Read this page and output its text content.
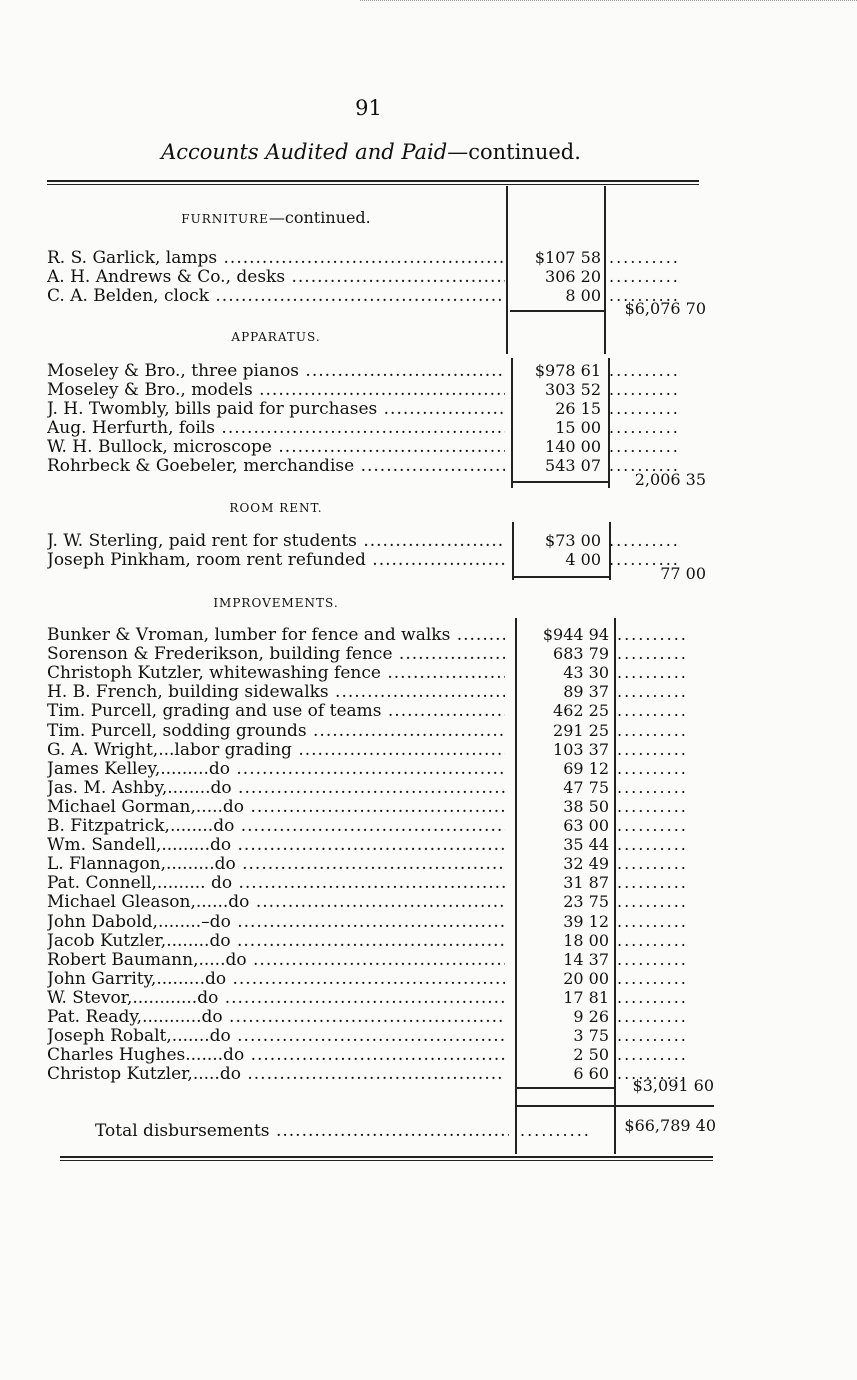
91
Accounts Audited and Paid—continued.
FURNITURE—continued.
R. S. Garlick, lamps .....	$107 58 ..........
A. H. Andrews & Co., desks .....	306 20 ..........
C. A. Belden, clock .....	8 00 ..........
$6,076 70
APPARATUS.
Moseley & Bro., three pianos .....	$978 61 ..........
Moseley & Bro., models .....	303 52 ..........
J. H. Twombly, bills paid for purchases .....	26 15 ..........
Aug. Herfurth, foils .....	15 00 ..........
W. H. Bullock, microscope .....	140 00 ..........
Rohrbeck & Goebeler, merchandise .....	543 07 ..........
2,006 35
ROOM RENT.
J. W. Sterling, paid rent for students .....	$73 00 ..........
Joseph Pinkham, room rent refunded .....	4 00 ..........
77 00
IMPROVEMENTS.
Bunker & Vroman, lumber for fence and walks .....	$944 94 ..........
Sorenson & Frederikson, building fence .....	683 79 ..........
Christoph Kutzler, whitewashing fence .....	43 30 ..........
H. B. French, building sidewalks .....	89 37 ..........
Tim. Purcell, grading and use of teams .....	462 25 ..........
Tim. Purcell, sodding grounds .....	291 25 ..........
G. A. Wright,...labor grading .....	103 37 ..........
James Kelley,.........do .....	69 12 ..........
Jas. M. Ashby,........do .....	47 75 ..........
Michael Gorman,.....do .....	38 50 ..........
B. Fitzpatrick,........do .....	63 00 ..........
Wm. Sandell,.........do .....	35 44 ..........
L. Flannagon,.........do .....	32 49 ..........
Pat. Connell,......... do .....	31 87 ..........
Michael Gleason,......do .....	23 75 ..........
John Dabold,........–do .....	39 12 ..........
Jacob Kutzler,........do .....	18 00 ..........
Robert Baumann,.....do .....	14 37 ..........
John Garrity,.........do .....	20 00 ..........
W. Stevor,............do .....	17 81 ..........
Pat. Ready,...........do .....	9 26 ..........
Joseph Robalt,.......do .....	3 75 ..........
Charles Hughes.......do .....	2 50 ..........
Christop Kutzler,.....do .....	6 60 ..........
$3,091 60
Total disbursements .....	..........	$66,789 40
